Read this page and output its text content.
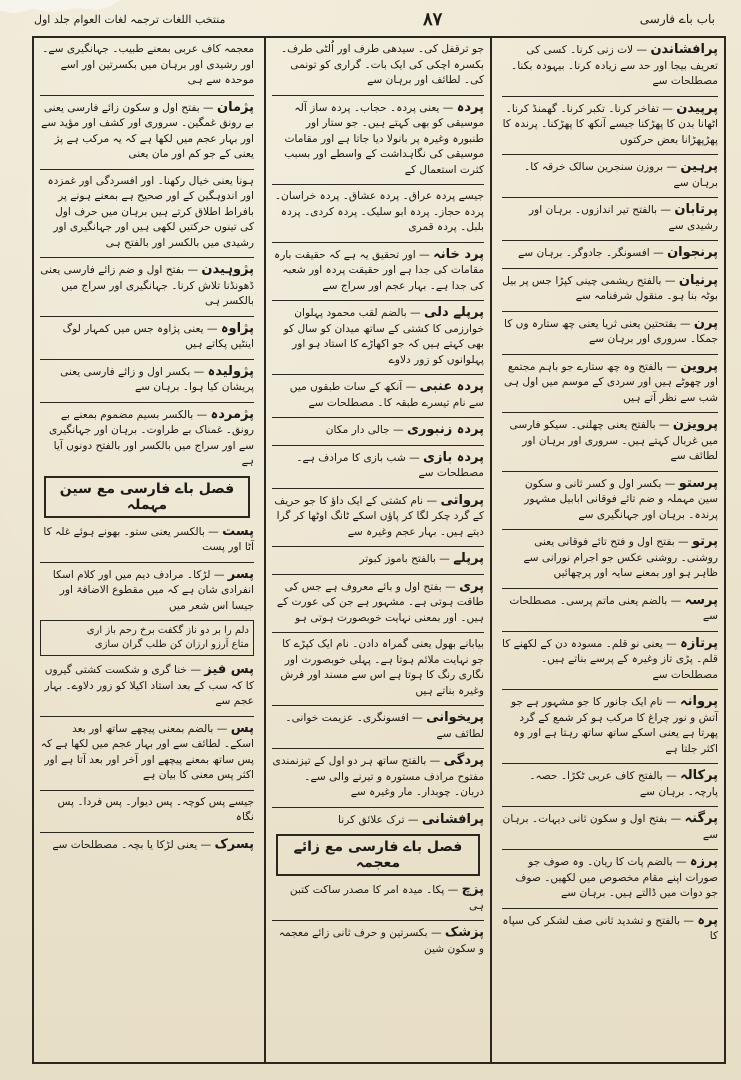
منتخب اللغات ترجمہ لغات العوام جلد اول	۸۷	باب باے فارسی

پرافشاندن — لات زنی کرنا۔ کسی کی تعریف بیجا اور حد سے زیادہ کرنا۔ بیہودہ بکنا۔ مصطلحات سے

پرپیدن — تفاخر کرنا۔ تکبر کرنا۔ گھمنڈ کرنا۔ اٹھانا بدن کا پھڑکنا جیسے آنکھ کا پھڑکنا۔ پرندہ کا پھڑپھڑانا بعض حرکتوں

پرہین — بروزن سنجرین سالک خرقہ کا۔ برہان سے

پرتابان — بالفتح تیر اندازوں۔ برہان اور رشیدی سے

پرنجوان — افسونگر۔ جادوگر۔ برہان سے

پرنیان — بالفتح ریشمی چینی کپڑا جس پر بیل بوٹہ بنا ہو۔ منقول شرفنامہ سے

پرن — بفتحتین یعنی ثریا یعنی چھ ستارہ وں کا جمکا۔ سروری اور برہان سے

پروین — بالفتح وہ چھ ستارے جو باہم مجتمع اور چھوٹے ہیں اور سردی کے موسم میں اول ہی شب سے نظر آتے ہیں

پرویزن — بالفتح یعنی چھلنی۔ سیکو فارسی میں غربال کہتے ہیں۔ سروری اور برہان اور لطائف سے

پرستو — بکسر اول و کسر ثانی و سکون سین مہملہ و ضم تائے فوقانی ابابیل مشہور پرندہ۔ برہان اور جہانگیری سے

پرتو — بفتح اول و فتح تائے فوقانی یعنی روشنی۔ روشنی عکس جو اجرام نورانی سے ظاہر ہو اور بمعنے سایہ اور پرچھائیں

پرسہ — بالضم یعنی ماتم پرسی۔ مصطلحات سے

پرتازہ — یعنی نو قلم۔ مسودہ دن کے لکھنے کا قلم۔ پڑی تاز وغیرہ کے پرسے بناتے ہیں۔ مصطلحات سے

پروانہ — نام ایک جانور کا جو مشہور ہے جو آتش و نور چراغ کا مرکب ہو کر شمع کے گرد پھرتا ہے یعنی اسکے ساتھ ساتھ رہتا ہے اور وہ اکثر جلتا ہے

پرکالہ — بالفتح کاف عربی ٹکڑا۔ حصہ۔ پارچہ۔ برہان سے

پرگنہ — بفتح اول و سکون ثانی دیہات۔ برہان سے

پرزہ — بالضم پات کا ریان۔ وہ صوف جو صورات اپنے مقام مخصوص میں لکھیں۔ صوف جو دوات میں ڈالتے ہیں۔ برہان سے

پرہ — بالفتح و تشدید ثانی صف لشکر کی سپاہ کا

جو ترقفل کی۔ سیدھی طرف اور اُلٹی طرف۔ بکسرہ اچکی کی ایک بات۔ گراری کو تونمی کی۔ لطائف اور برہان سے

پردہ — یعنی پردہ۔ حجاب۔ پردہ ساز آلہ موسیقی کو بھی کہتے ہیں۔ جو ستار اور طنبورہ وغیرہ پر بانولا دیا جاتا ہے اور مقامات موسیقی کی نگاہداشت کے واسطے اور بسبب کثرت استعمال کے

جیسے پردہ عراق۔ پردہ عشاق۔ پردہ خراسان۔ پردہ حجاز۔ پردہ ابو سلیک۔ پردہ کردی۔ پردہ بلبل۔ پردہ قمری

پرد خانہ — اور تحقیق یہ ہے کہ حقیقت بارہ مقامات کی جدا ہے اور حقیقت پردہ اور شعبہ کی جدا ہے۔ بہار عجم اور سراج سے

پرپلے دلی — بالضم لقب محمود پہلوان خوارزمی کا کشتی کے ساتھ میدان کو سال کو بھی کہتے ہیں کہ جو اکھاڑے کا استاد ہو اور پہلوانوں کو زور دلاوے

پردہ عنبی — آنکھ کے سات طبقوں میں سے نام تیسرے طبقہ کا۔ مصطلحات سے

پردہ زنبوری — جالی دار مکان

پردہ بازی — شب بازی کا مرادف ہے۔ مصطلحات سے

پرواتی — نام کشتی کے ایک داؤ کا جو حریف کے گرد چکر لگا کر پاؤں اسکے ٹانگ اوٹھا کر گرا دیتے ہیں۔ بہار عجم وغیرہ سے

پرپلے — بالفتح باموز کبوتر

پری — بفتح اول و بائے معروف ہے جس کی طاقت ہوتی ہے۔ مشہور ہے جن کی عورت کے ہیں۔ اور بمعنی نہایت خوبصورت ہوتی ہو

بیابانے بھول یعنی گمراہ دادن۔ نام ایک کپڑے کا جو نہایت ملائم ہوتا ہے۔ پہلی خوبصورت اور نگاری رنگ کا ہوتا ہے اس سے مسند اور فرش وغیرہ بناتے ہیں

پریخوانی — افسونگری۔ عزیمت خوانی۔ لطائف سے

پردگی — بالفتح ساتھ ہر دو اول کے تیزنمندی مفتوح مرادف مستورہ و تیرنے والی سے۔ دربان۔ چوبدار۔ مار وغیرہ سے

پرافشانی — ترک علائق کرنا

فصل باے فارسی مع زائے معجمہ

پزچ — پکا۔ میدہ امر کا مصدر ساکت کتبن ہی

پزشک — بکسرتین و حرف ثانی زائے معجمہ و سکون شین

معجمہ کاف عربی بمعنے طبیب۔ جہانگیری سے۔ اور رشیدی اور برہان میں بکسرتین اور اسے موحدہ سے ہی

پژمان — بفتح اول و سکون زائے فارسی یعنی بے رونق غمگین۔ سروری اور کشف اور مؤید سے اور بہار عجم میں لکھا ہے کہ یہ مرکب ہے پژ یعنی کے جو کم اور مان یعنی

ہونا یعنی خیال رکھنا۔ اور افسردگی اور غمزدہ اور اندوہگین کے اور صحیح ہے بمعنے ہونے پر بافراط اطلاق کرتے ہیں برہان میں حرف اول کی تینوں حرکتیں لکھی ہیں اور جہانگیری اور رشیدی میں بالکسر اور بالفتح ہی

پژوہیدن — بفتح اول و ضم زائے فارسی یعنی ڈھونڈنا تلاش کرنا۔ جہانگیری اور سراج میں بالکسر ہی

پژاوہ — یعنی پژاوہ جس میں کمہار لوگ اینٹیں پکاتے ہیں

پژولیدہ — بکسر اول و زائے فارسی یعنی پریشان کیا ہوا۔ برہان سے

پژمردہ — بالکسر بسیم مضموم بمعنے بے رونق۔ غمناک بے طراوت۔ برہان اور جہانگیری سے اور سراج میں بالکسر اور بالفتح دونوں آیا ہے

فصل باے فارسی مع سین مہملہ

پست — بالکسر یعنی ستو۔ بھونے ہوئے غلہ کا آٹا اور پست

پسر — لڑکا۔ مرادف دیم میں اور کلام اسکا انفرادی شان ہے کہ میں مقطوع الاضافۃ اور جیسا اس شعر میں

دلم را بر دو ناز گکفت برخ رحم باز اری
متاع آرزو ارزان کن طلب گران سازی

پس فیز — خنا گری و شکست کشتی گیروں کا کہ سب کے بعد استاد اکیلا کو زور دلاوے۔ بہار عجم سے

پس — بالضم بمعنی پیچھے ساتھ اور بعد اسکے۔ لطائف سے اور بہار عجم میں لکھا ہے کہ پس ساتھ بمعنے پیچھے اور آخر اور بعد آتا ہے اور اکثر پس معنی کا بیان ہے

جیسے پس کوچہ۔ پس دیوار۔ پس فردا۔ پس نگاہ

پسرک — یعنی لڑکا یا بچہ۔ مصطلحات سے
